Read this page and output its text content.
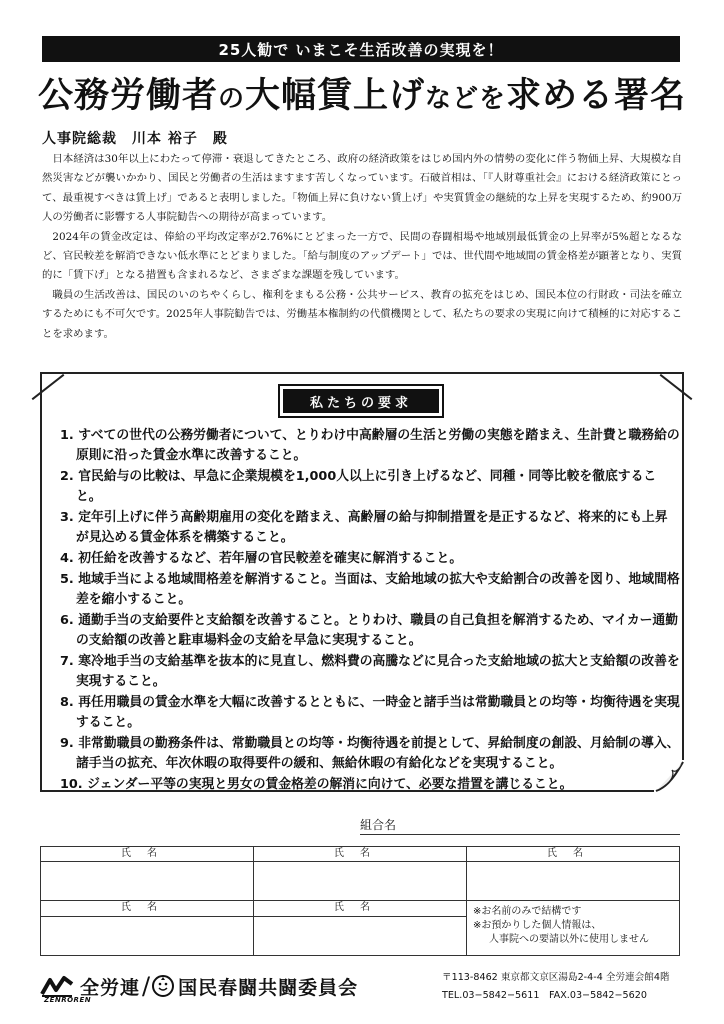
25人勧で いまこそ生活改善の実現を！
公務労働者の大幅賃上げなどを求める署名
人事院総裁　川本 裕子　殿

日本経済は30年以上にわたって停滞・衰退してきたところ、政府の経済政策をはじめ国内外の情勢の変化に伴う物価上昇、大規模な自然災害などが襲いかかり、国民と労働者の生活はますます苦しくなっています。石破首相は、「『人財尊重社会』における経済政策にとって、最重視すべきは賃上げ」であると表明しました。「物価上昇に負けない賃上げ」や実質賃金の継続的な上昇を実現するため、約900万人の労働者に影響する人事院勧告への期待が高まっています。

2024年の賃金改定は、俸給の平均改定率が2.76%にとどまった一方で、民間の春闘相場や地域別最低賃金の上昇率が5%超となるなど、官民較差を解消できない低水準にとどまりました。「給与制度のアップデート」では、世代間や地域間の賃金格差が顕著となり、実質的に「賃下げ」となる措置も含まれるなど、さまざまな課題を残しています。

職員の生活改善は、国民のいのちやくらし、権利をまもる公務・公共サービス、教育の拡充をはじめ、国民本位の行財政・司法を確立するためにも不可欠です。2025年人事院勧告では、労働基本権制約の代償機関として、私たちの要求の実現に向けて積極的に対応することを求めます。

私たちの要求
1. すべての世代の公務労働者について、とりわけ中高齢層の生活と労働の実態を踏まえ、生計費と職務給の原則に沿った賃金水準に改善すること。
2. 官民給与の比較は、早急に企業規模を1,000人以上に引き上げるなど、同種・同等比較を徹底すること。
3. 定年引上げに伴う高齢期雇用の変化を踏まえ、高齢層の給与抑制措置を是正するなど、将来的にも上昇が見込める賃金体系を構築すること。
4. 初任給を改善するなど、若年層の官民較差を確実に解消すること。
5. 地域手当による地域間格差を解消すること。当面は、支給地域の拡大や支給割合の改善を図り、地域間格差を縮小すること。
6. 通勤手当の支給要件と支給額を改善すること。とりわけ、職員の自己負担を解消するため、マイカー通勤の支給額の改善と駐車場料金の支給を早急に実現すること。
7. 寒冷地手当の支給基準を抜本的に見直し、燃料費の高騰などに見合った支給地域の拡大と支給額の改善を実現すること。
8. 再任用職員の賃金水準を大幅に改善するとともに、一時金と諸手当は常勤職員との均等・均衡待遇を実現すること。
9. 非常勤職員の勤務条件は、常勤職員との均等・均衡待遇を前提として、昇給制度の創設、月給制の導入、諸手当の拡充、年次休暇の取得要件の緩和、無給休暇の有給化などを実現すること。
10. ジェンダー平等の実現と男女の賃金格差の解消に向けて、必要な措置を講じること。
組合名
氏名	氏名	氏名

氏名	氏名	※お名前のみで結構です
※お預かりした個人情報は、
人事院への要請以外に使用しません

全労連 / 国民春闘共闘委員会
ZENROREN
〒113-8462 東京都文京区湯島2-4-4 全労連会館4階
TEL.03−5842−5611　FAX.03−5842−5620
